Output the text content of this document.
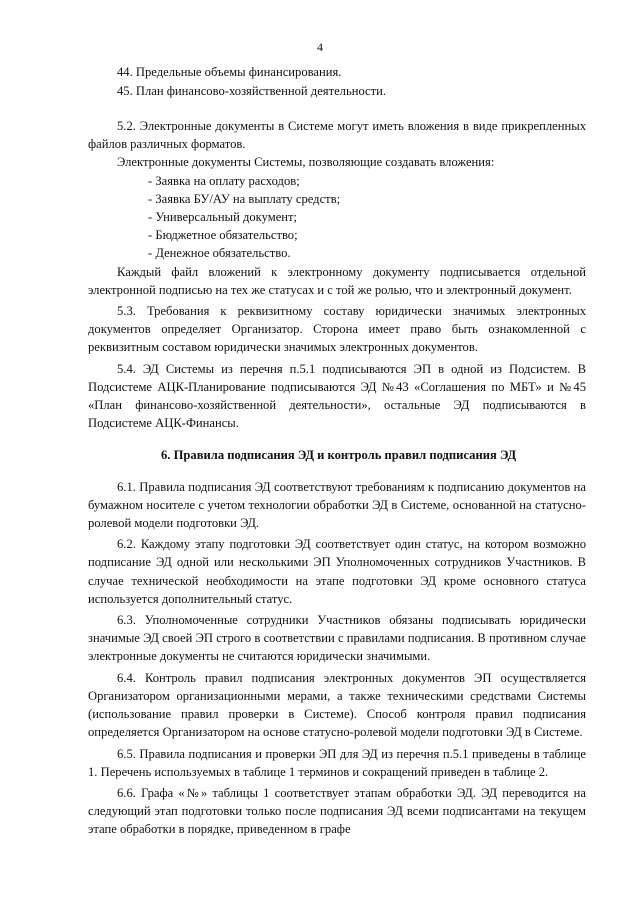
4
44. Предельные объемы финансирования.
45. План финансово-хозяйственной деятельности.

5.2. Электронные документы в Системе могут иметь вложения в виде прикрепленных файлов различных форматов.

Электронные документы Системы, позволяющие создавать вложения:

- Заявка на оплату расходов;

- Заявка БУ/АУ на выплату средств;

- Универсальный документ;

- Бюджетное обязательство;

- Денежное обязательство.

Каждый файл вложений к электронному документу подписывается отдельной электронной подписью на тех же статусах и с той же ролью, что и электронный документ.

5.3. Требования к реквизитному составу юридически значимых электронных документов определяет Организатор. Сторона имеет право быть ознакомленной с реквизитным составом юридически значимых электронных документов.

5.4. ЭД Системы из перечня п.5.1 подписываются ЭП в одной из Подсистем. В Подсистеме АЦК-Планирование подписываются ЭД №43 «Соглашения по МБТ» и №45 «План финансово-хозяйственной деятельности», остальные ЭД подписываются в Подсистеме АЦК-Финансы.

6. Правила подписания ЭД и контроль правил подписания ЭД

6.1. Правила подписания ЭД соответствуют требованиям к подписанию документов на бумажном носителе с учетом технологии обработки ЭД в Системе, основанной на статусно-ролевой модели подготовки ЭД.

6.2. Каждому этапу подготовки ЭД соответствует один статус, на котором возможно подписание ЭД одной или несколькими ЭП Уполномоченных сотрудников Участников. В случае технической необходимости на этапе подготовки ЭД кроме основного статуса используется дополнительный статус.

6.3. Уполномоченные сотрудники Участников обязаны подписывать юридически значимые ЭД своей ЭП строго в соответствии с правилами подписания. В противном случае электронные документы не считаются юридически значимыми.

6.4. Контроль правил подписания электронных документов ЭП осуществляется Организатором организационными мерами, а также техническими средствами Системы (использование правил проверки в Системе). Способ контроля правил подписания определяется Организатором на основе статусно-ролевой модели подготовки ЭД в Системе.

6.5. Правила подписания и проверки ЭП для ЭД из перечня п.5.1 приведены в таблице 1. Перечень используемых в таблице 1 терминов и сокращений приведен в таблице 2.

6.6. Графа «№» таблицы 1 соответствует этапам обработки ЭД. ЭД переводится на следующий этап подготовки только после подписания ЭД всеми подписантами на текущем этапе обработки в порядке, приведенном в графе
